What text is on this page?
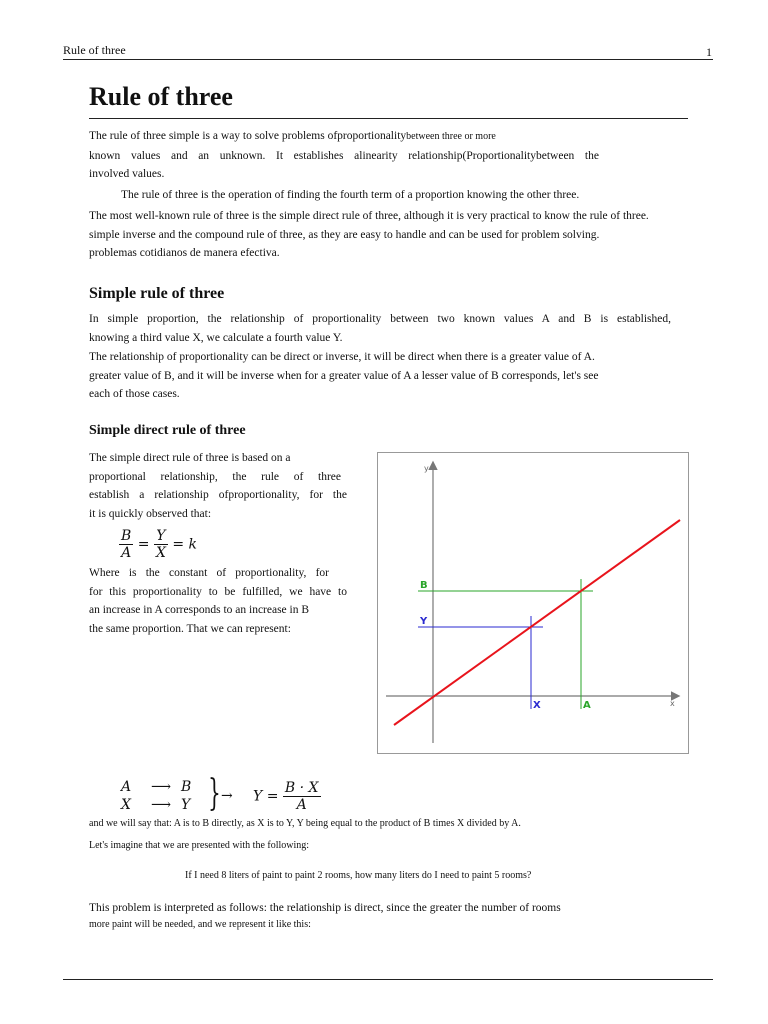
Rule of three	1
Rule of three
The rule of three simple is a way to solve problems ofproportionalitybetween three or more
known values and an unknown. It establishes alinearity relationship(Proportionalitybetween the
involved values.
The rule of three is the operation of finding the fourth term of a proportion knowing the other three.
The most well-known rule of three is the simple direct rule of three, although it is very practical to know the rule of three.
simple inverse and the compound rule of three, as they are easy to handle and can be used for problem solving.
problemas cotidianos de manera efectiva.
Simple rule of three
In simple proportion, the relationship of proportionality between two known values A and B is established,
knowing a third value X, we calculate a fourth value Y.
The relationship of proportionality can be direct or inverse, it will be direct when there is a greater value of A.
greater value of B, and it will be inverse when for a greater value of A a lesser value of B corresponds, let's see
each of those cases.
Simple direct rule of three
The simple direct rule of three is based on a
proportional relationship, the rule of three
establish a relationship ofproportionality, for the
it is quickly observed that:
$\frac{B}{A} = \frac{Y}{X} = k$
Where is the constant of proportionality, for
for this proportionality to be fulfilled, we have to
an increase in A corresponds to an increase in B
the same proportion. That we can represent:
y
x
B
Y
X	A
A ⟶ B
X ⟶ Y } → $Y = \frac{B \cdot X}{A}$
and we will say that: A is to B directly, as X is to Y, Y being equal to the product of B times X divided by A.
Let's imagine that we are presented with the following:
If I need 8 liters of paint to paint 2 rooms, how many liters do I need to paint 5 rooms?
This problem is interpreted as follows: the relationship is direct, since the greater the number of rooms
more paint will be needed, and we represent it like this:
